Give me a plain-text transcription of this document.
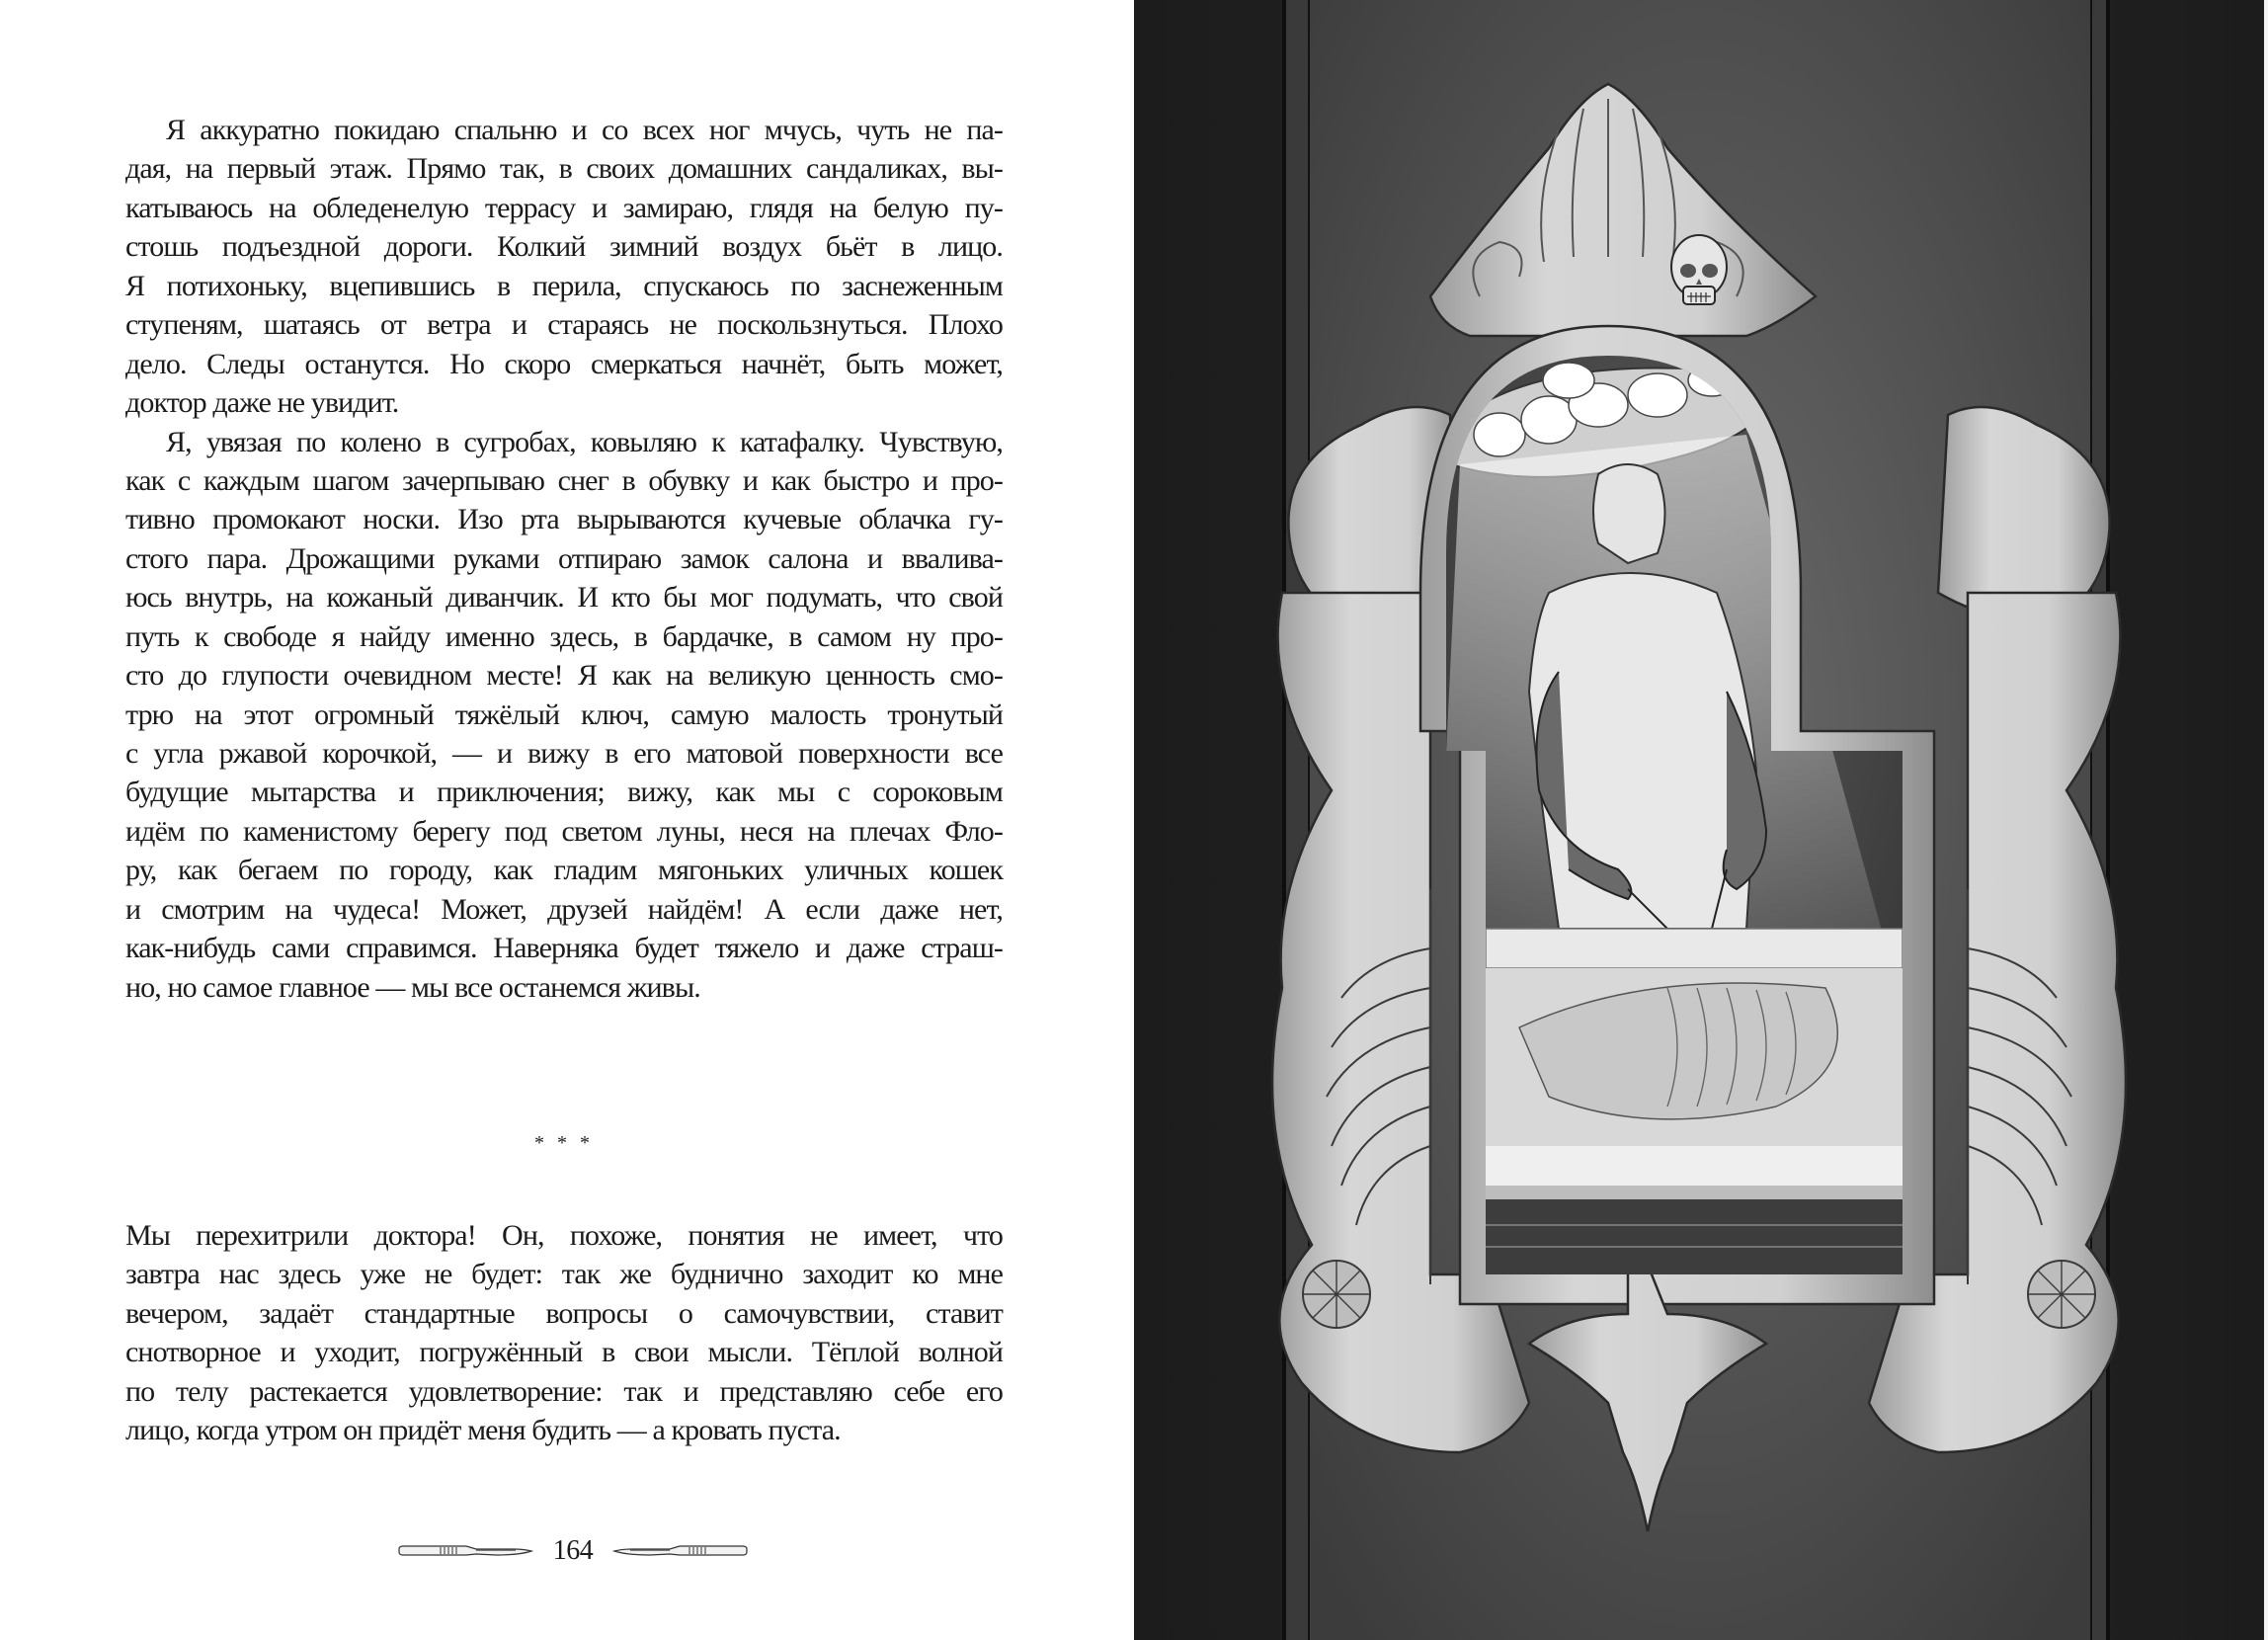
Я аккуратно покидаю спальню и со всех ног мчусь, чуть не па-
дая, на первый этаж. Прямо так, в своих домашних сандаликах, вы-
катываюсь на обледенелую террасу и замираю, глядя на белую пу-
стошь подъездной дороги. Колкий зимний воздух бьёт в лицо.
Я потихоньку, вцепившись в перила, спускаюсь по заснеженным
ступеням, шатаясь от ветра и стараясь не поскользнуться. Плохо
дело. Следы останутся. Но скоро смеркаться начнёт, быть может,
доктор даже не увидит.
Я, увязая по колено в сугробах, ковыляю к катафалку. Чувствую,
как с каждым шагом зачерпываю снег в обувку и как быстро и про-
тивно промокают носки. Изо рта вырываются кучевые облачка гу-
стого пара. Дрожащими руками отпираю замок салона и ввалива-
юсь внутрь, на кожаный диванчик. И кто бы мог подумать, что свой
путь к свободе я найду именно здесь, в бардачке, в самом ну про-
сто до глупости очевидном месте! Я как на великую ценность смо-
трю на этот огромный тяжёлый ключ, самую малость тронутый
с угла ржавой корочкой, — и вижу в его матовой поверхности все
будущие мытарства и приключения; вижу, как мы с сороковым
идём по каменистому берегу под светом луны, неся на плечах Фло-
ру, как бегаем по городу, как гладим мягоньких уличных кошек
и смотрим на чудеса! Может, друзей найдём! А если даже нет,
как-нибудь сами справимся. Наверняка будет тяжело и даже страш-
но, но самое главное — мы все останемся живы.
* * *
Мы перехитрили доктора! Он, похоже, понятия не имеет, что
завтра нас здесь уже не будет: так же буднично заходит ко мне
вечером, задаёт стандартные вопросы о самочувствии, ставит
снотворное и уходит, погружённый в свои мысли. Тёплой волной
по телу растекается удовлетворение: так и представляю себе его
лицо, когда утром он придёт меня будить — а кровать пуста.
164
